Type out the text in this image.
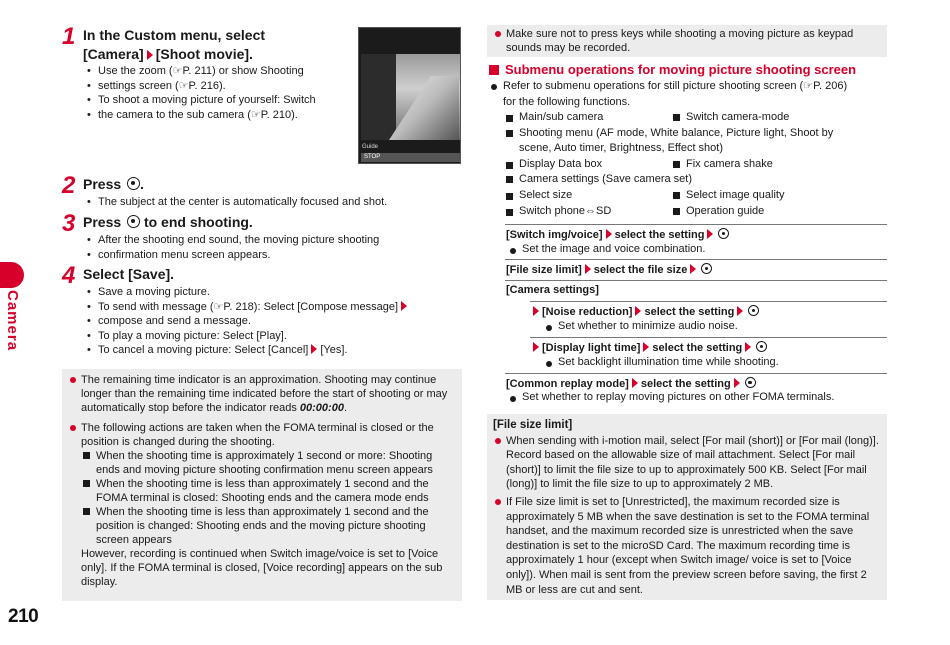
Camera
210
1 In the Custom menu, select
[Camera] [Shoot movie].
• Use the zoom (☞P. 211) or show Shooting
• settings screen (☞P. 216).
• To shoot a moving picture of yourself: Switch
• the camera to the sub camera (☞P. 210).
Guide
STOP
2 Press .
• The subject at the center is automatically focused and shot.
3 Press to end shooting.
• After the shooting end sound, the moving picture shooting
• confirmation menu screen appears.
4 Select [Save].
• Save a moving picture.
• To send with message (☞P. 218): Select [Compose message]
• compose and send a message.
• To play a moving picture: Select [Play].
• To cancel a moving picture: Select [Cancel] [Yes].
The remaining time indicator is an approximation. Shooting may continue longer than the remaining time indicated before the start of shooting or may automatically stop before the indicator reads 00:00:00.
The following actions are taken when the FOMA terminal is closed or the position is changed during the shooting.
When the shooting time is approximately 1 second or more: Shooting ends and moving picture shooting confirmation menu screen appears
When the shooting time is less than approximately 1 second and the FOMA terminal is closed: Shooting ends and the camera mode ends
When the shooting time is less than approximately 1 second and the position is changed: Shooting ends and the moving picture shooting screen appears
However, recording is continued when Switch image/voice is set to [Voice only]. If the FOMA terminal is closed, [Voice recording] appears on the sub display.
Make sure not to press keys while shooting a moving picture as keypad sounds may be recorded.
Submenu operations for moving picture shooting screen
Refer to submenu operations for still picture shooting screen (☞P. 206)
for the following functions.
Main/sub camera	Switch camera-mode
Shooting menu (AF mode, White balance, Picture light, Shoot by
scene, Auto timer, Brightness, Effect shot)
Display Data box	Fix camera shake
Camera settings (Save camera set)
Select size	Select image quality
Switch phone⇔SD	Operation guide
[Switch img/voice] select the setting
Set the image and voice combination.
[File size limit] select the file size
[Camera settings]
[Noise reduction] select the setting
Set whether to minimize audio noise.
[Display light time] select the setting
Set backlight illumination time while shooting.
[Common replay mode] select the setting
Set whether to replay moving pictures on other FOMA terminals.
[File size limit]
When sending with i-motion mail, select [For mail (short)] or [For mail (long)]. Record based on the allowable size of mail attachment. Select [For mail (short)] to limit the file size to up to approximately 500 KB. Select [For mail (long)] to limit the file size to up to approximately 2 MB.
If File size limit is set to [Unrestricted], the maximum recorded size is approximately 5 MB when the save destination is set to the FOMA terminal handset, and the maximum recorded size is unrestricted when the save destination is set to the microSD Card. The maximum recording time is approximately 1 hour (except when Switch image/ voice is set to [Voice only]). When mail is sent from the preview screen before saving, the first 2 MB or less are cut and sent.
